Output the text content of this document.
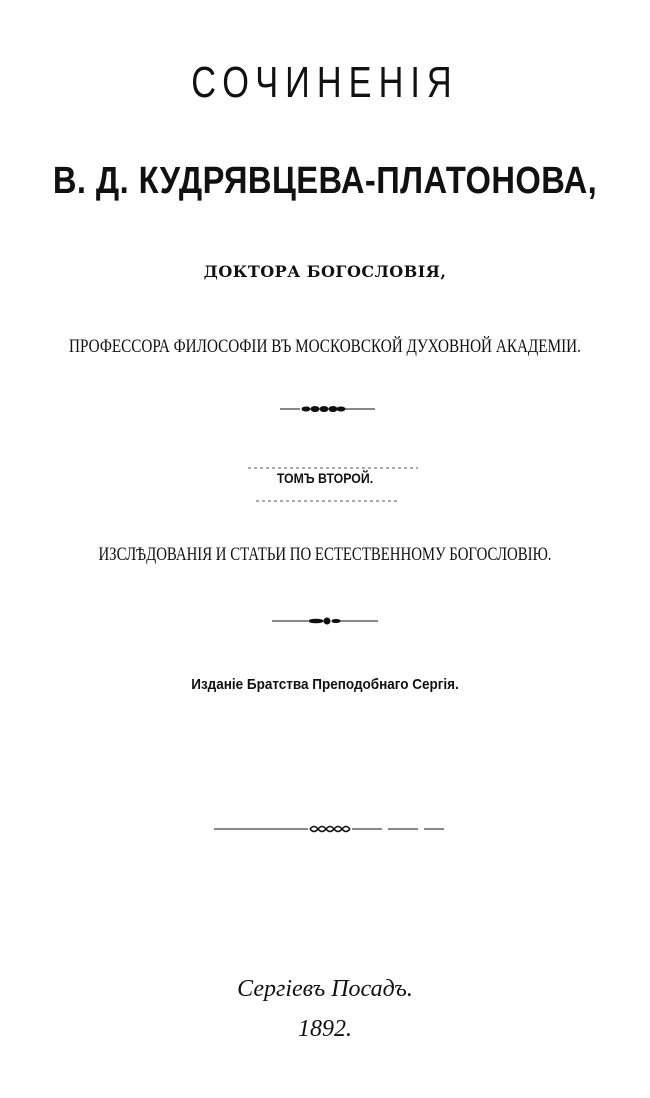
СОЧИНЕНІЯ
В. Д. КУДРЯВЦЕВА-ПЛАТОНОВА,
ДОКТОРА БОГОСЛОВІЯ,
ПРОФЕССОРА ФИЛОСОФІИ ВЪ МОСКОВСКОЙ ДУХОВНОЙ АКАДЕМІИ.
ТОМЪ ВТОРОЙ.
ИЗСЛѢДОВАНІЯ И СТАТЬИ ПО ЕСТЕСТВЕННОМУ БОГОСЛОВІЮ.
Изданіе Братства Преподобнаго Сергія.
Сергіевъ Посадъ.
1892.
